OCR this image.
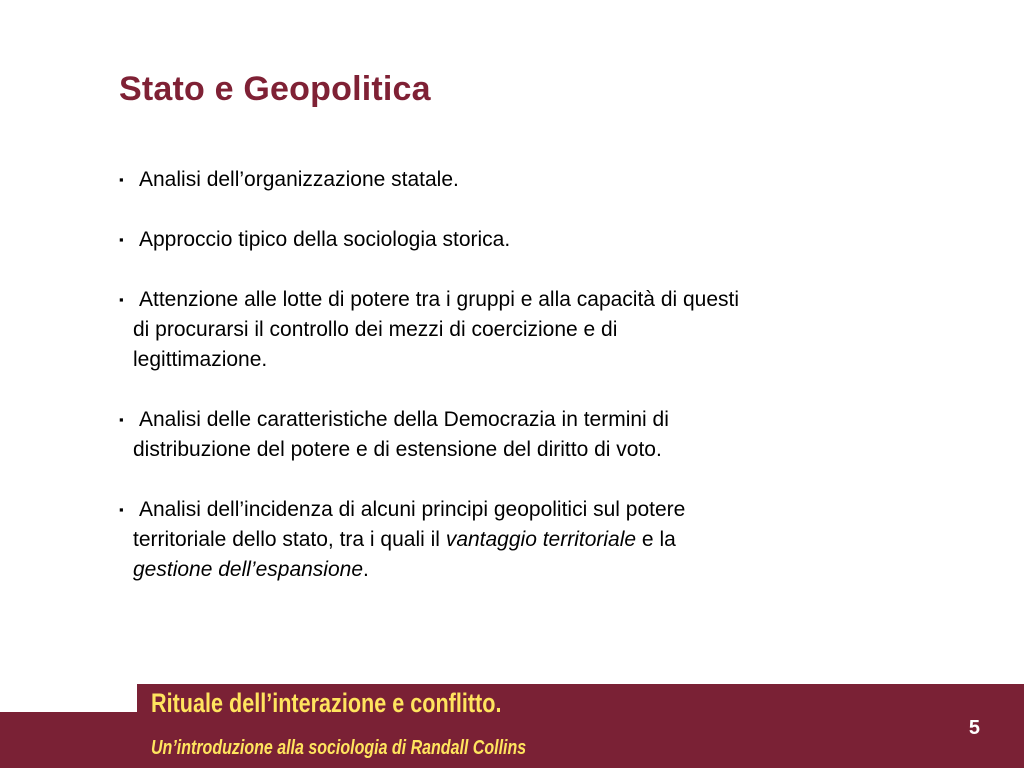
Stato e Geopolitica
▪ Analisi dell’organizzazione statale.
▪ Approccio tipico della sociologia storica.
▪ Attenzione alle lotte di potere tra i gruppi e alla capacità di questi
di procurarsi il controllo dei mezzi di coercizione e di
legittimazione.
▪ Analisi delle caratteristiche della Democrazia in termini di
distribuzione del potere e di estensione del diritto di voto.
▪ Analisi dell’incidenza di alcuni principi geopolitici sul potere
territoriale dello stato, tra i quali il vantaggio territoriale e la
gestione dell’espansione.

Rituale dell’interazione e conflitto.

Un’introduzione alla sociologia di Randall Collins

5
